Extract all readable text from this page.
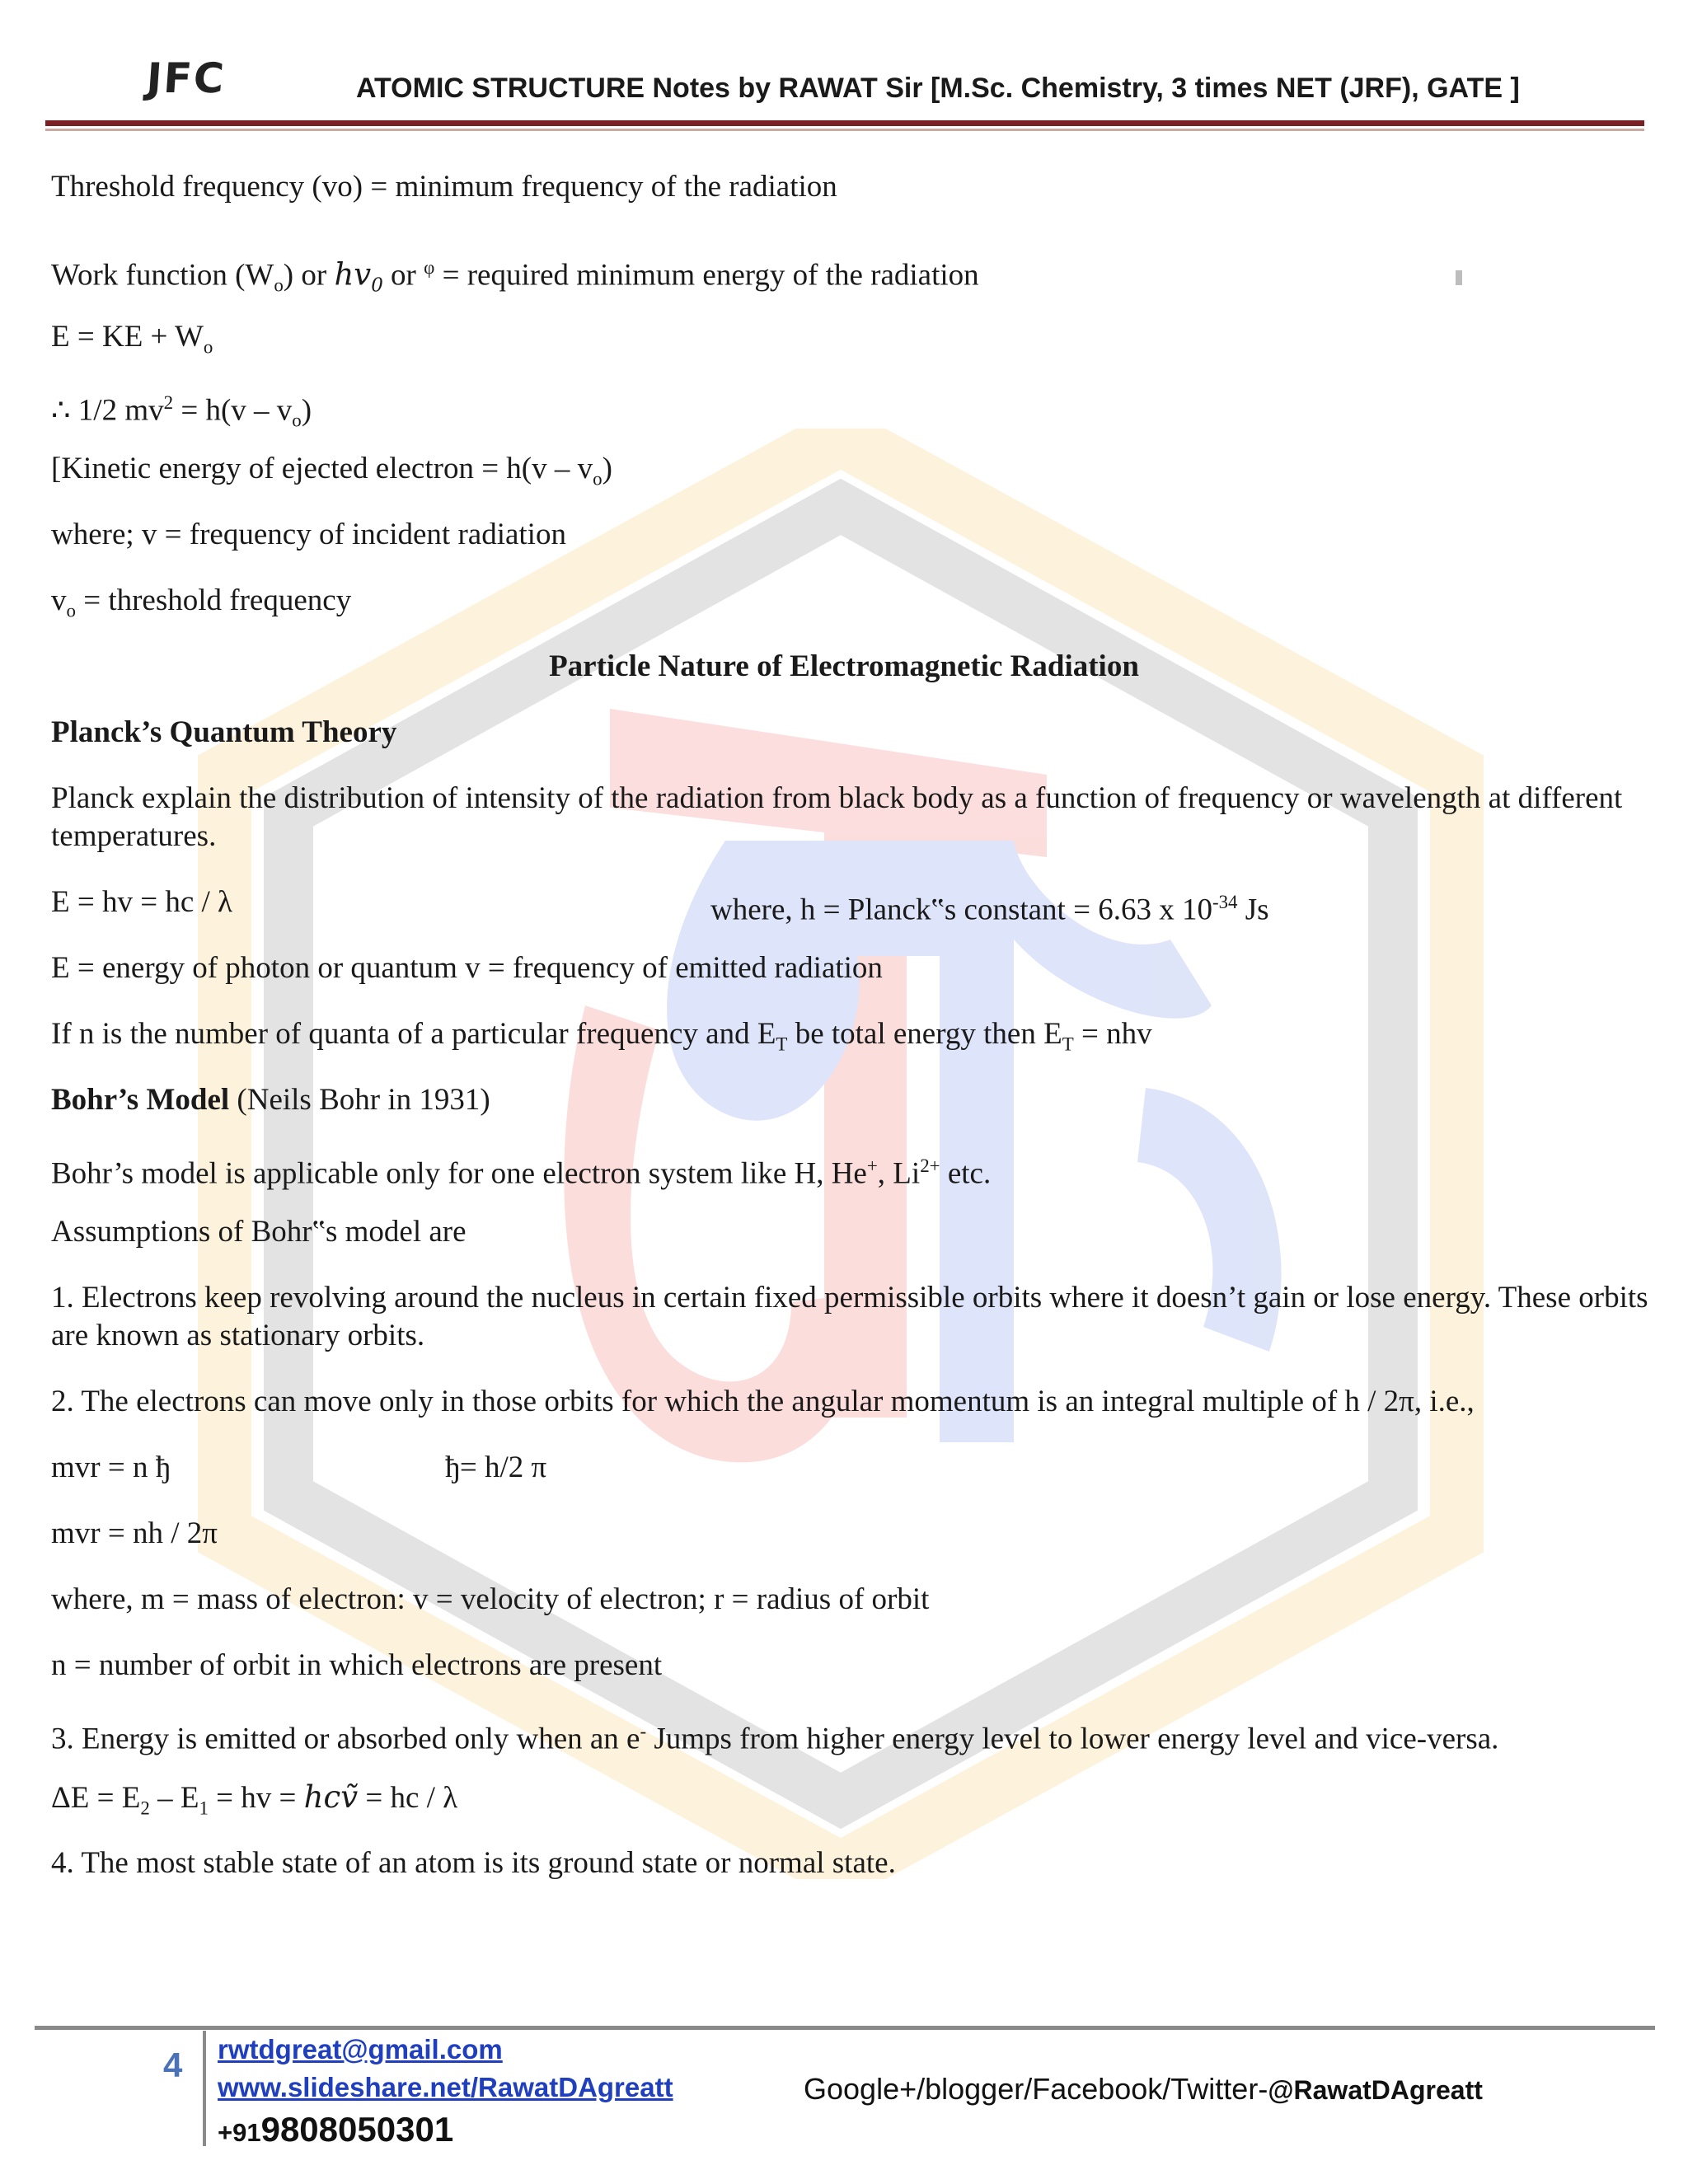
JFC	ATOMIC STRUCTURE Notes by RAWAT Sir [M.Sc. Chemistry, 3 times NET (JRF), GATE ]
Threshold frequency (vo) = minimum frequency of the radiation
Work function $(W_o)$ or $hv_0$ or $^\varphi$ = required minimum energy of the radiation
E = KE + $W_o$
∴ 1/2 $mv^2 = h(v - v_o)$
[Kinetic energy of ejected electron = $h(v - v_o)$
where; v = frequency of incident radiation
$v_o$ = threshold frequency
Particle Nature of Electromagnetic Radiation
Planck’s Quantum Theory
Planck explain the distribution of intensity of the radiation from black body as a function of frequency or wavelength at different temperatures.
E = hv = hc / λ	where, h = Planck‟s constant = 6.63 x $10^{-34}$ Js
E = energy of photon or quantum v = frequency of emitted radiation
If n is the number of quanta of a particular frequency and $E_T$ be total energy then $E_T$ = nhv
Bohr’s Model (Neils Bohr in 1931)
Bohr’s model is applicable only for one electron system like H, He+, $Li^{2+}$ etc.
Assumptions of Bohr‟s model are
1. Electrons keep revolving around the nucleus in certain fixed permissible orbits where it doesn’t gain or lose energy. These orbits are known as stationary orbits.
2. The electrons can move only in those orbits for which the angular momentum is an integral multiple of h / 2π, i.e.,
mvr = n ђ	ђ= h/2 π
mvr = nh / 2π
where, m = mass of electron: v = velocity of electron; r = radius of orbit
n = number of orbit in which electrons are present
3. Energy is emitted or absorbed only when an e- Jumps from higher energy level to lower energy level and vice-versa.
$\Delta E = E_2 - E_1$ = hv = hcṽ = hc / λ
4. The most stable state of an atom is its ground state or normal state.
4 rwtdgreat@gmail.com
www.slideshare.net/RawatDAgreatt
+919808050301
Google+/blogger/Facebook/Twitter-@RawatDAgreatt
